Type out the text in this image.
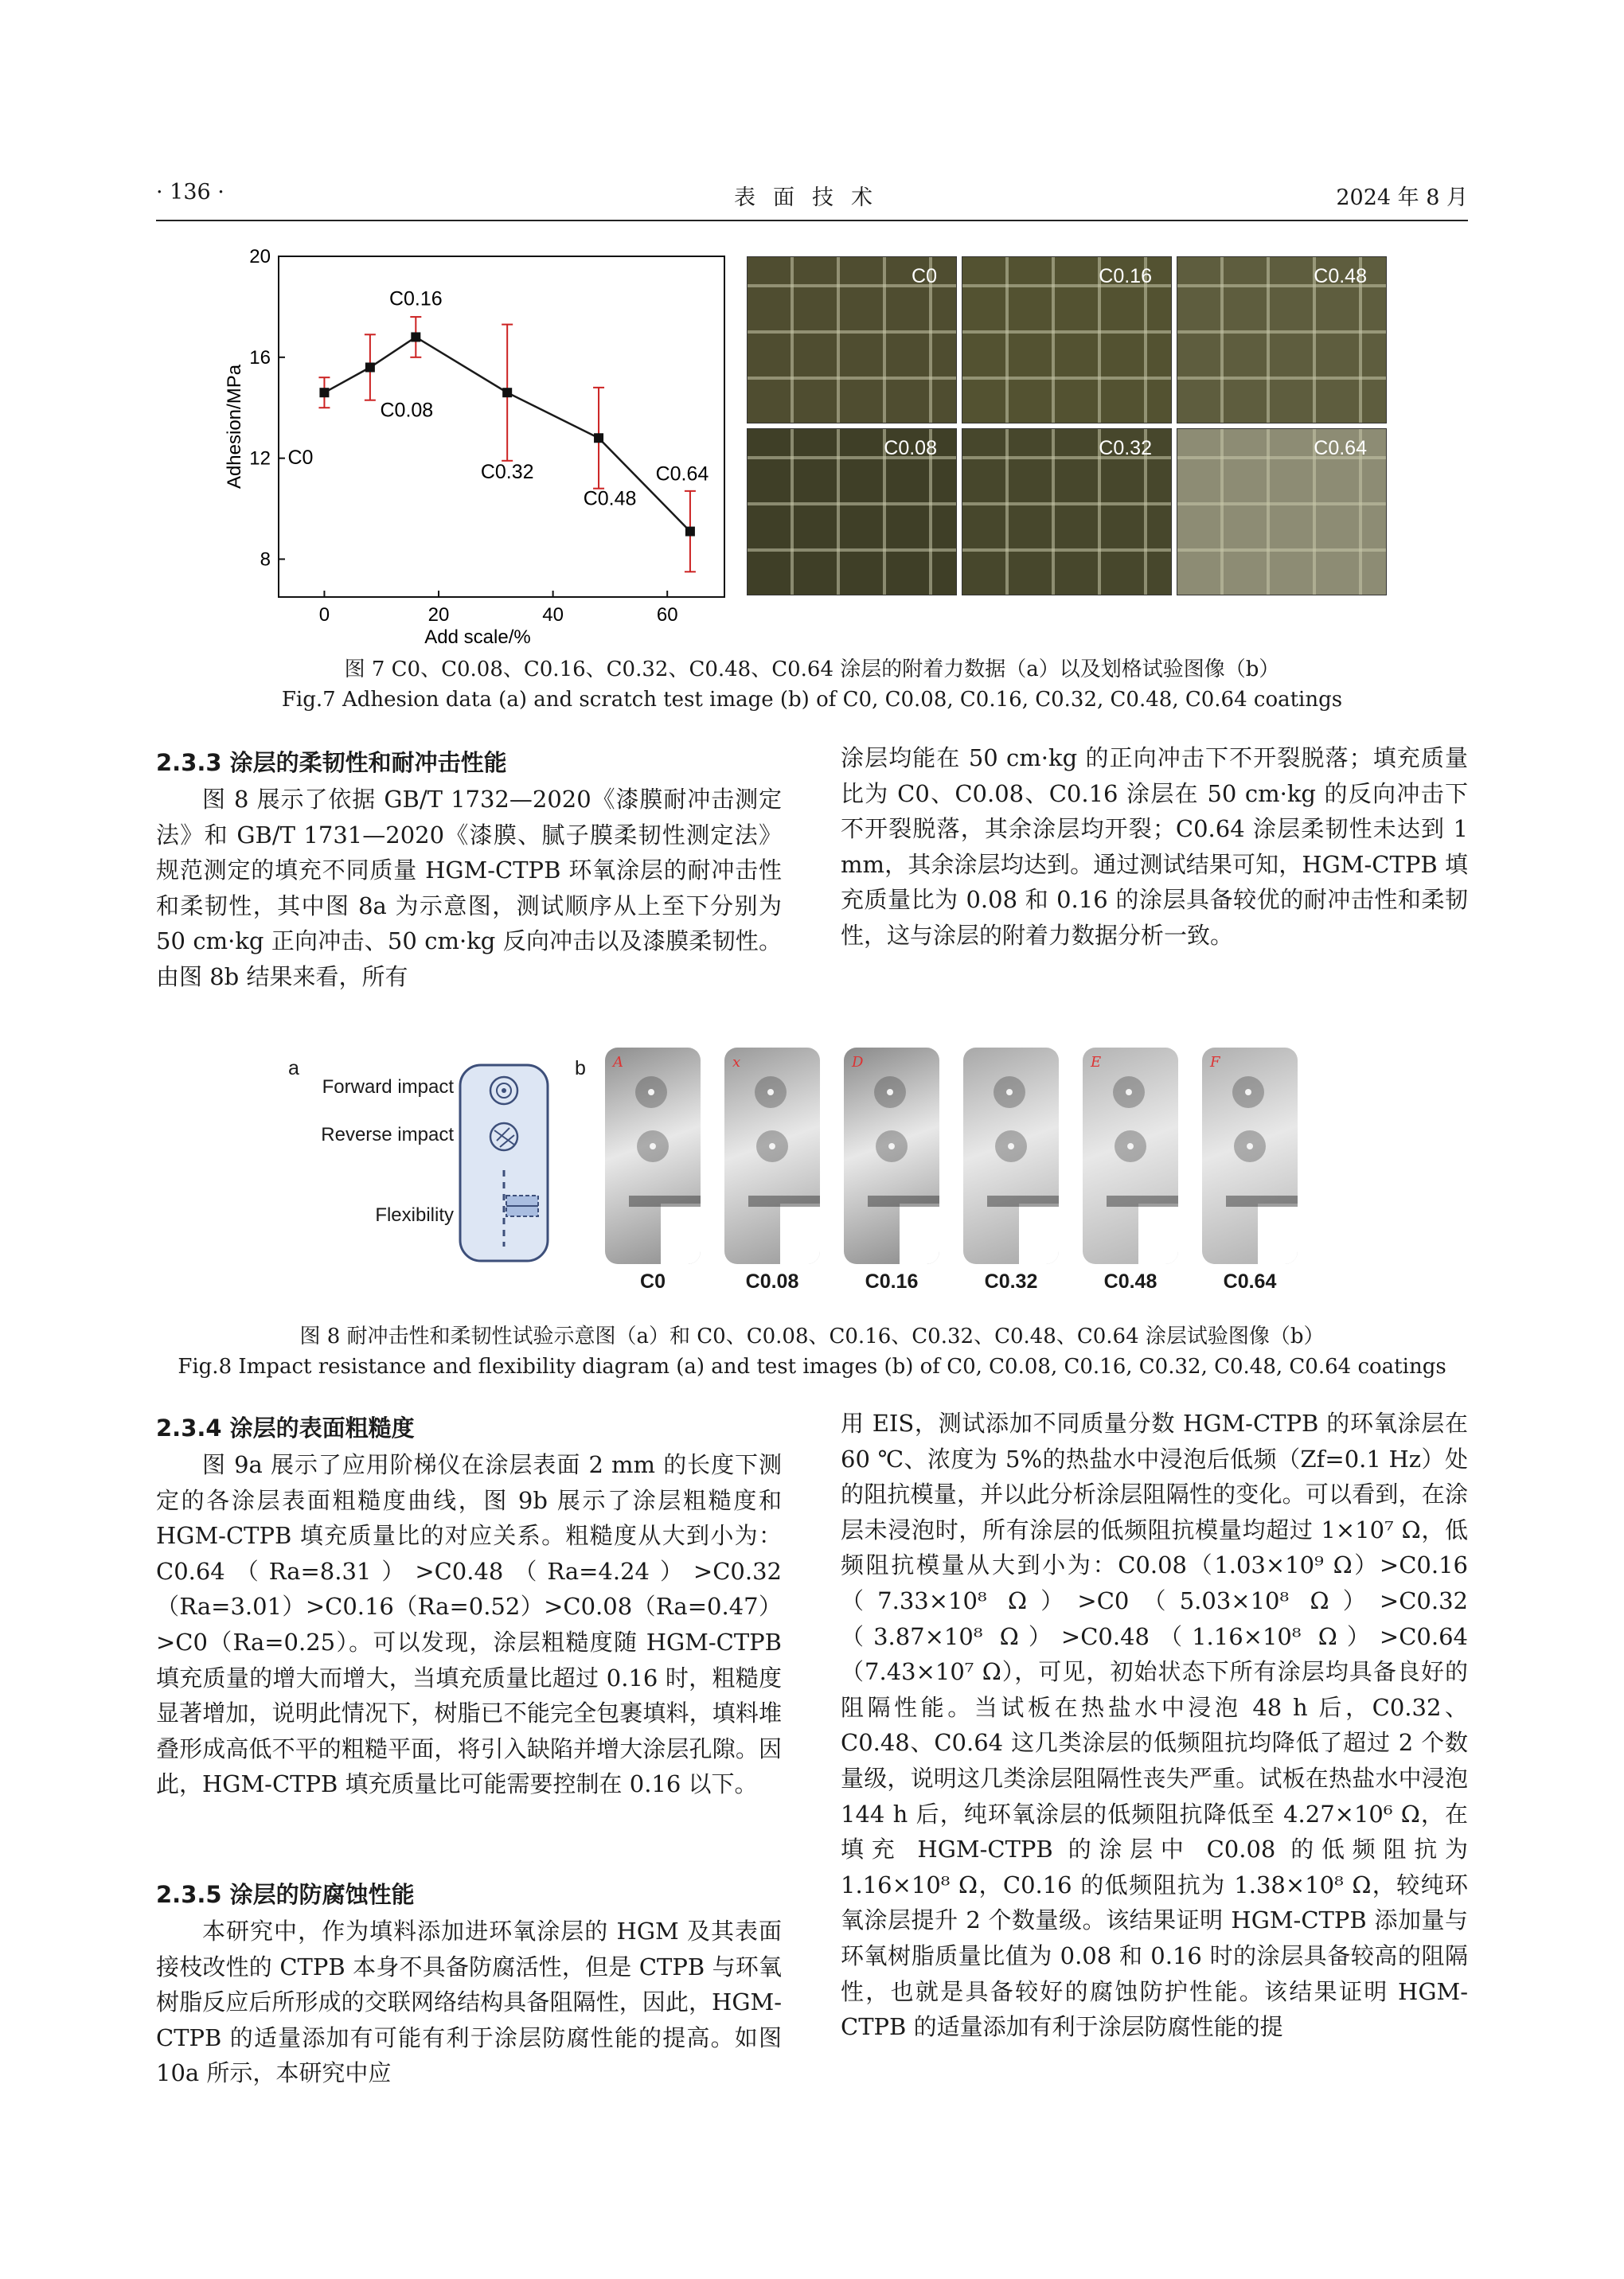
· 136 ·	表面技术	2024 年 8 月
0	20	40	60
8
12
16
20
Add scale/%
Adhesion/MPa C0
C0.08
C0.16
C0.32
C0.48
C0.64
C0	C0.16	C0.48
C0.08	C0.32	C0.64
图 7 C0、C0.08、C0.16、C0.32、C0.48、C0.64 涂层的附着力数据（a）以及划格试验图像（b）
Fig.7 Adhesion data (a) and scratch test image (b) of C0, C0.08, C0.16, C0.32, C0.48, C0.64 coatings
2.3.3 涂层的柔韧性和耐冲击性能
图 8 展示了依据 GB/T 1732—2020《漆膜耐冲击测定法》和 GB/T 1731—2020《漆膜、腻子膜柔韧性测定法》规范测定的填充不同质量 HGM-CTPB 环氧涂层的耐冲击性和柔韧性，其中图 8a 为示意图，测试顺序从上至下分别为 50 cm·kg 正向冲击、50 cm·kg 反向冲击以及漆膜柔韧性。由图 8b 结果来看，所有
涂层均能在 50 cm·kg 的正向冲击下不开裂脱落；填充质量比为 C0、C0.08、C0.16 涂层在 50 cm·kg 的反向冲击下不开裂脱落，其余涂层均开裂；C0.64 涂层柔韧性未达到 1 mm，其余涂层均达到。通过测试结果可知，HGM-CTPB 填充质量比为 0.08 和 0.16 的涂层具备较优的耐冲击性和柔韧性，这与涂层的附着力数据分析一致。
a
Forward impact
Reverse impact
Flexibility
b A
C0
x
C0.08
D
C0.16	C0.32
E
C0.48
F
C0.64
图 8 耐冲击性和柔韧性试验示意图（a）和 C0、C0.08、C0.16、C0.32、C0.48、C0.64 涂层试验图像（b）
Fig.8 Impact resistance and flexibility diagram (a) and test images (b) of C0, C0.08, C0.16, C0.32, C0.48, C0.64 coatings
2.3.4 涂层的表面粗糙度
图 9a 展示了应用阶梯仪在涂层表面 2 mm 的长度下测定的各涂层表面粗糙度曲线，图 9b 展示了涂层粗糙度和 HGM-CTPB 填充质量比的对应关系。粗糙度从大到小为：C0.64（Ra=8.31）>C0.48（Ra=4.24）>C0.32（Ra=3.01）>C0.16（Ra=0.52）>C0.08（Ra=0.47）>C0（Ra=0.25）。可以发现，涂层粗糙度随 HGM-CTPB 填充质量的增大而增大，当填充质量比超过 0.16 时，粗糙度显著增加，说明此情况下，树脂已不能完全包裹填料，填料堆叠形成高低不平的粗糙平面，将引入缺陷并增大涂层孔隙。因此，HGM-CTPB 填充质量比可能需要控制在 0.16 以下。
2.3.5 涂层的防腐蚀性能
本研究中，作为填料添加进环氧涂层的 HGM 及其表面接枝改性的 CTPB 本身不具备防腐活性，但是 CTPB 与环氧树脂反应后所形成的交联网络结构具备阻隔性，因此，HGM-CTPB 的适量添加有可能有利于涂层防腐性能的提高。如图 10a 所示，本研究中应
用 EIS，测试添加不同质量分数 HGM-CTPB 的环氧涂层在 60 ℃、浓度为 5%的热盐水中浸泡后低频（Zf=0.1 Hz）处的阻抗模量，并以此分析涂层阻隔性的变化。可以看到，在涂层未浸泡时，所有涂层的低频阻抗模量均超过 1×10⁷ Ω，低频阻抗模量从大到小为：C0.08（1.03×10⁹ Ω）>C0.16（7.33×10⁸ Ω）>C0（5.03×10⁸ Ω）>C0.32（3.87×10⁸ Ω）>C0.48（1.16×10⁸ Ω）>C0.64（7.43×10⁷ Ω），可见，初始状态下所有涂层均具备良好的阻隔性能。当试板在热盐水中浸泡 48 h 后，C0.32、C0.48、C0.64 这几类涂层的低频阻抗均降低了超过 2 个数量级，说明这几类涂层阻隔性丧失严重。试板在热盐水中浸泡 144 h 后，纯环氧涂层的低频阻抗降低至 4.27×10⁶ Ω，在填充 HGM-CTPB 的涂层中 C0.08 的低频阻抗为 1.16×10⁸ Ω，C0.16 的低频阻抗为 1.38×10⁸ Ω，较纯环氧涂层提升 2 个数量级。该结果证明 HGM-CTPB 添加量与环氧树脂质量比值为 0.08 和 0.16 时的涂层具备较高的阻隔性，也就是具备较好的腐蚀防护性能。该结果证明 HGM-CTPB 的适量添加有利于涂层防腐性能的提
